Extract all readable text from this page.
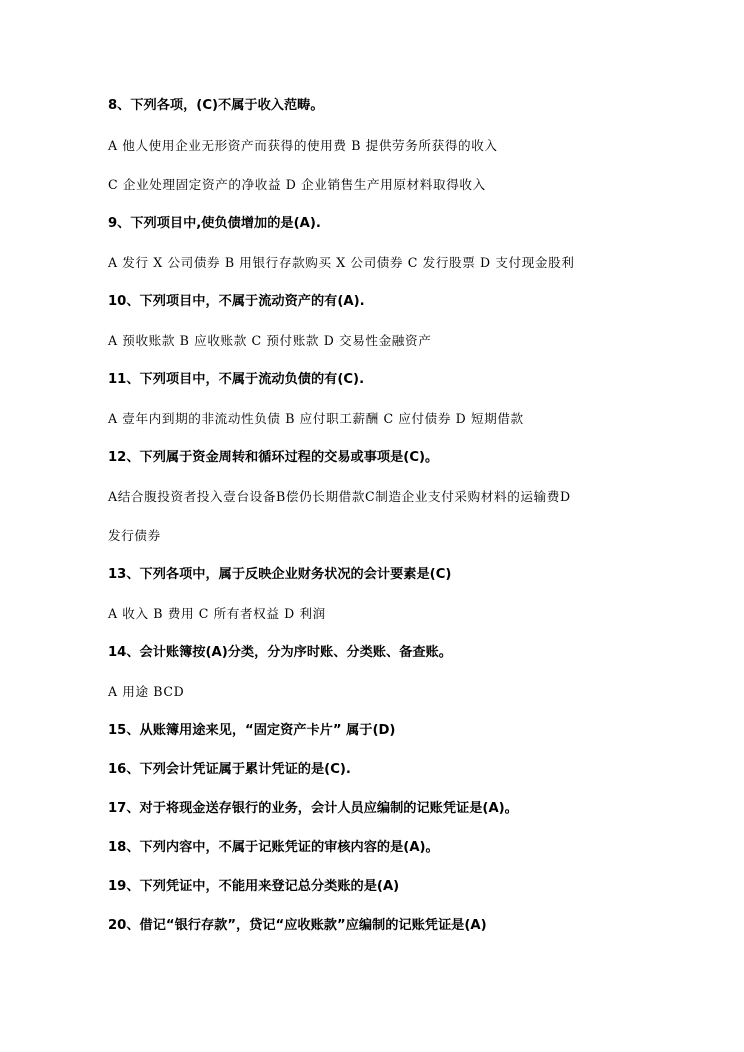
8、下列各项，(C)不属于收入范畴。
A 他人使用企业无形资产而获得的使用费 B 提供劳务所获得的收入
C 企业处理固定资产的净收益 D 企业销售生产用原材料取得收入
9、下列项目中,使负债增加的是(A).
A 发行 X 公司债券 B 用银行存款购买 X 公司债券 C 发行股票 D 支付现金股利
10、下列项目中，不属于流动资产的有(A).
A 预收账款 B 应收账款 C 预付账款 D 交易性金融资产
11、下列项目中，不属于流动负债的有(C).
A 壹年内到期的非流动性负债 B 应付职工薪酬 C 应付债券 D 短期借款
12、下列属于资金周转和循环过程的交易或事项是(C)。
A结合腹投资者投入壹台设备B偿仍长期借款C制造企业支付采购材料的运输费D
发行债券
13、下列各项中，属于反映企业财务状况的会计要素是(C)
A 收入 B 费用 C 所有者权益 D 利润
14、会计账簿按(A)分类，分为序时账、分类账、备查账。
A 用途 BCD
15、从账簿用途来见，“固定资产卡片” 属于(D)
16、下列会计凭证属于累计凭证的是(C).
17、对于将现金送存银行的业务，会计人员应编制的记账凭证是(A)。
18、下列内容中，不属于记账凭证的审核内容的是(A)。
19、下列凭证中，不能用来登记总分类账的是(A)
20、借记“银行存款”，贷记“应收账款”应编制的记账凭证是(A)
